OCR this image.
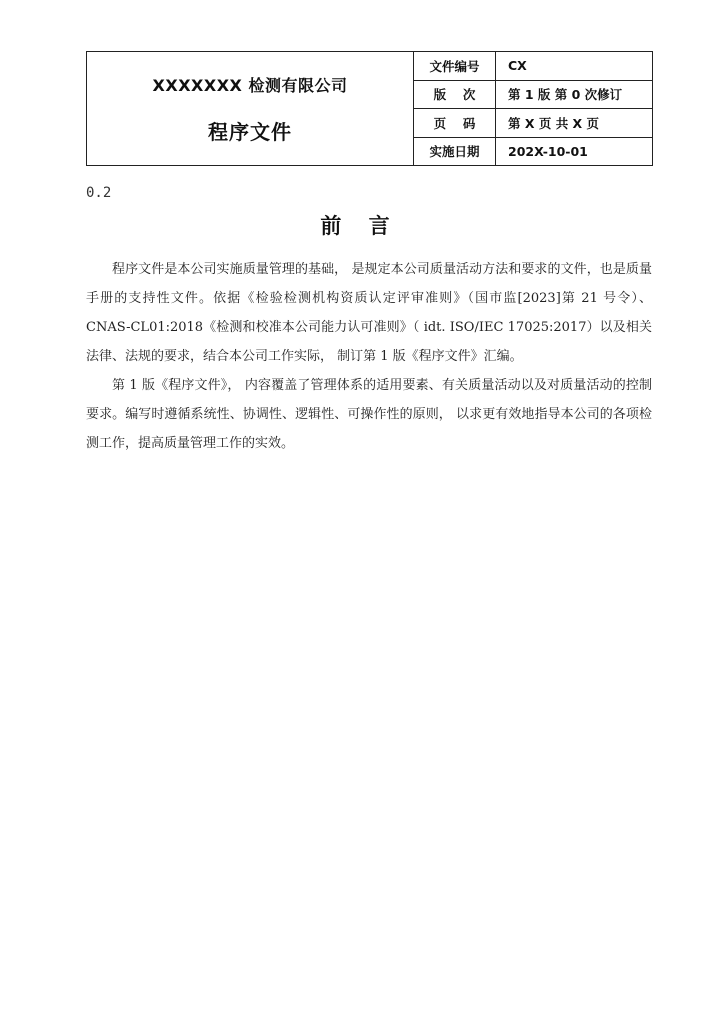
XXXXXXX 检测有限公司
程序文件	文件编号	CX
	版　 次	第 1 版 第 0 次修订
	页　 码	第 X 页 共 X 页
	实施日期	202X-10-01
0.2
前 言

程序文件是本公司实施质量管理的基础， 是规定本公司质量活动方法和要求的文件，也是质量手册的支持性文件。依据《检验检测机构资质认定评审准则》（国市监[2023]第 21 号令）、CNAS-CL01:2018《检测和校准本公司能力认可准则》（ idt. ISO/IEC 17025:2017）以及相关法律、法规的要求，结合本公司工作实际， 制订第 1 版《程序文件》汇编。

第 1 版《程序文件》， 内容覆盖了管理体系的适用要素、有关质量活动以及对质量活动的控制要求。编写时遵循系统性、协调性、逻辑性、可操作性的原则， 以求更有效地指导本公司的各项检测工作，提高质量管理工作的实效。
